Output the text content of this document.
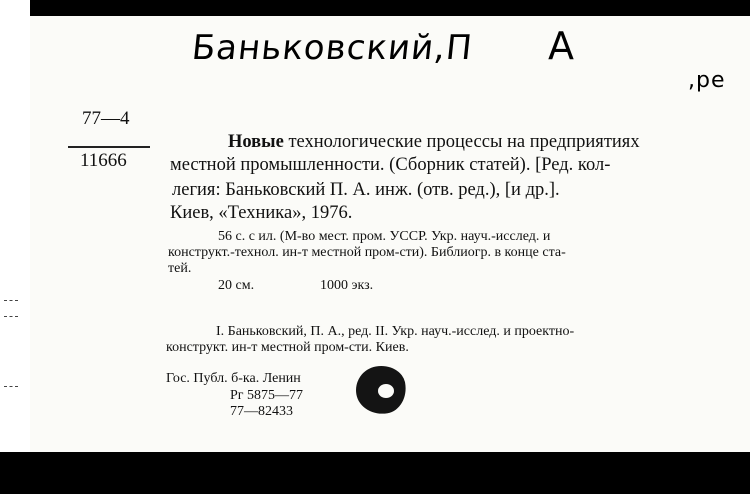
Баньковский,П А
,ре
77—4
11666
Новые технологические процессы на предприятиях
местной промышленности. (Сборник статей). [Ред. кол-
легия: Баньковский П. А. инж. (отв. ред.), [и др.].
Киев, «Техника», 1976.
56 с. с ил. (М-во мест. пром. УССР. Укр. науч.-исслед. и
конструкт.-технол. ин-т местной пром-сти). Библиогр. в конце ста-
тей.
20 см.	1000 экз.
I. Баньковский, П. А., ред. II. Укр. науч.-исслед. и проектно-
конструкт. ин-т местной пром-сти. Киев.
Гос. Публ. б-ка. Ленин
Рг 5875—77
77—82433
